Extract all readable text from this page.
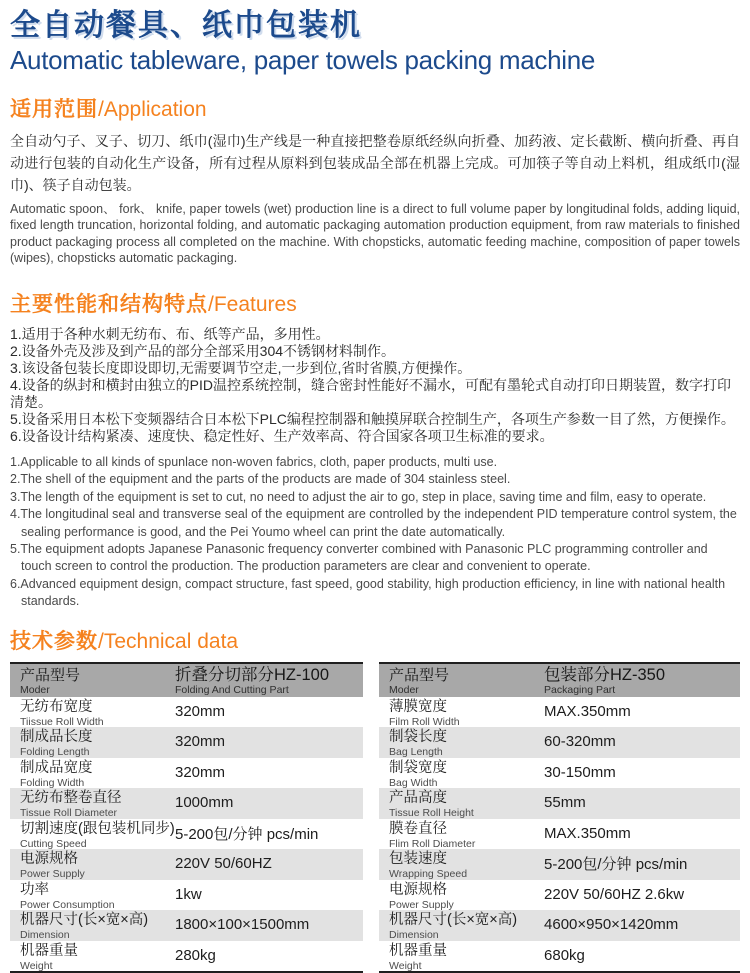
全自动餐具、纸巾包装机
Automatic tableware, paper towels packing machine
适用范围 /Application

全自动勺子、叉子、切刀、纸巾(湿巾)生产线是一种直接把整卷原纸经纵向折叠、加药液、定长截断、横向折叠、再自动进行包装的自动化生产设备，所有过程从原料到包装成品全部在机器上完成。可加筷子等自动上料机，组成纸巾(湿巾)、筷子自动包装。

Automatic spoon、 fork、 knife, paper towels (wet) production line is a direct to full volume paper by longitudinal folds, adding liquid, fixed length truncation, horizontal folding, and automatic packaging automation production equipment, from raw materials to finished product packaging process all completed on the machine. With chopsticks, automatic feeding machine, composition of paper towels (wipes), chopsticks automatic packaging.

主要性能和结构特点 /Features
1.适用于各种水刺无纺布、布、纸等产品，多用性。
2.设备外壳及涉及到产品的部分全部采用304不锈钢材料制作。
3.该设备包装长度即设即切,无需要调节空走,一步到位,省时省膜,方便操作。
4.设备的纵封和横封由独立的PID温控系统控制，缝合密封性能好不漏水，可配有墨轮式自动打印日期装置，数字打印清楚。
5.设备采用日本松下变频器结合日本松下PLC编程控制器和触摸屏联合控制生产，各项生产参数一目了然，方便操作。
6.设备设计结构紧凑、速度快、稳定性好、生产效率高、符合国家各项卫生标准的要求。
1.Applicable to all kinds of spunlace non-woven fabrics, cloth, paper products, multi use.
2.The shell of the equipment and the parts of the products are made of 304 stainless steel.
3.The length of the equipment is set to cut, no need to adjust the air to go, step in place, saving time and film, easy to operate.
4.The longitudinal seal and transverse seal of the equipment are controlled by the independent PID temperature control system, the sealing performance is good, and the Pei Youmo wheel can print the date automatically.
5.The equipment adopts Japanese Panasonic frequency converter combined with Panasonic PLC programming controller and touch screen to control the production. The production parameters are clear and convenient to operate.
6.Advanced equipment design, compact structure, fast speed, good stability, high production efficiency, in line with national health standards.
技术参数 /Technical data
产品型号
Moder
折叠分切部分HZ-100
Folding And Cutting Part
无纺布宽度
Tiissue Roll Width
320mm
制成品长度
Folding Length
320mm
制成品宽度
Folding Width
320mm
无纺布整卷直径
Tissue Roll Diameter
1000mm
切割速度(跟包装机同步)
Cutting Speed
5-200包/分钟 pcs/min
电源规格
Power Supply
220V 50/60HZ
功率
Power Consumption
1kw
机器尺寸(长×宽×高)
Dimension
1800×100×1500mm
机器重量
Weight
280kg
产品型号
Moder
包装部分HZ-350
Packaging Part
薄膜宽度
Film Roll Width
MAX.350mm
制袋长度
Bag Length
60-320mm
制袋宽度
Bag Width
30-150mm
产品高度
Tissue Roll Height
55mm
膜卷直径
Flim Roll Diameter
MAX.350mm
包装速度
Wrapping Speed
5-200包/分钟 pcs/min
电源规格
Power Supply
220V 50/60HZ 2.6kw
机器尺寸(长×宽×高)
Dimension
4600×950×1420mm
机器重量
Weight
680kg
